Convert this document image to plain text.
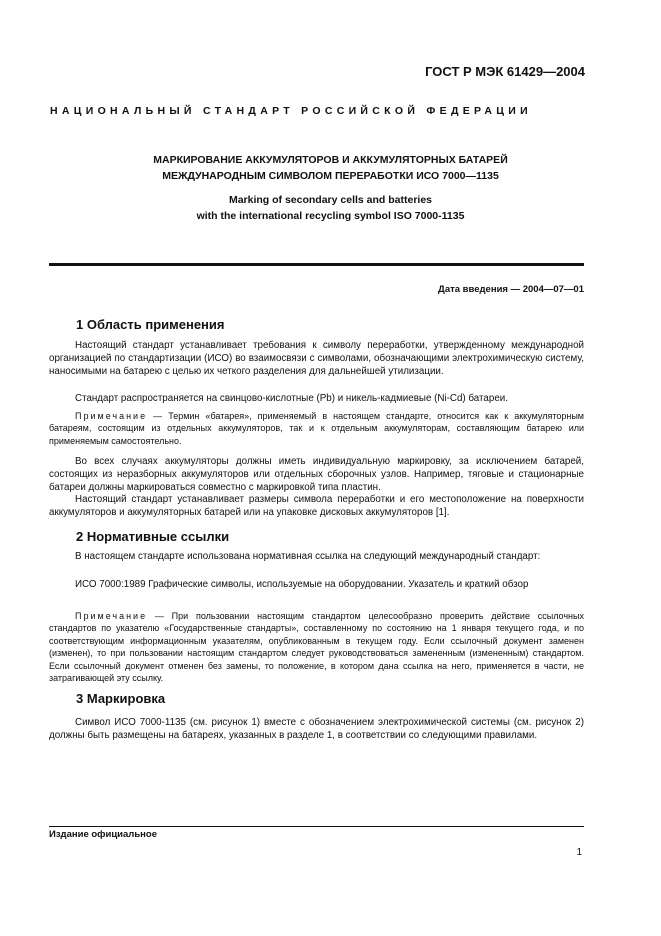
ГОСТ Р МЭК 61429—2004
НАЦИОНАЛЬНЫЙ СТАНДАРТ РОССИЙСКОЙ ФЕДЕРАЦИИ
МАРКИРОВАНИЕ АККУМУЛЯТОРОВ И АККУМУЛЯТОРНЫХ БАТАРЕЙ
МЕЖДУНАРОДНЫМ СИМВОЛОМ ПЕРЕРАБОТКИ ИСО 7000—1135
Marking of secondary cells and batteries
with the international recycling symbol ISO 7000-1135
Дата введения — 2004—07—01
1 Область применения
Настоящий стандарт устанавливает требования к символу переработки, утвержденному международной организацией по стандартизации (ИСО) во взаимосвязи с символами, обозначающими электрохимическую систему, наносимыми на батарею с целью их четкого разделения для дальнейшей утилизации.
Стандарт распространяется на свинцово-кислотные (Pb) и никель-кадмиевые (Ni-Cd) батареи.
Примечание — Термин «батарея», применяемый в настоящем стандарте, относится как к аккумуляторным батареям, состоящим из отдельных аккумуляторов, так и к отдельным аккумуляторам, составляющим батарею или применяемым самостоятельно.
Во всех случаях аккумуляторы должны иметь индивидуальную маркировку, за исключением батарей, состоящих из неразборных аккумуляторов или отдельных сборочных узлов. Например, тяговые и стационарные батареи должны маркироваться совместно с маркировкой типа пластин.
Настоящий стандарт устанавливает размеры символа переработки и его местоположение на поверхности аккумуляторов и аккумуляторных батарей или на упаковке дисковых аккумуляторов [1].
2 Нормативные ссылки
В настоящем стандарте использована нормативная ссылка на следующий международный стандарт:
ИСО 7000:1989 Графические символы, используемые на оборудовании. Указатель и краткий обзор
Примечание — При пользовании настоящим стандартом целесообразно проверить действие ссылочных стандартов по указателю «Государственные стандарты», составленному по состоянию на 1 января текущего года, и по соответствующим информационным указателям, опубликованным в текущем году. Если ссылочный документ заменен (изменен), то при пользовании настоящим стандартом следует руководствоваться замененным (измененным) стандартом. Если ссылочный документ отменен без замены, то положение, в котором дана ссылка на него, применяется в части, не затрагивающей эту ссылку.
3 Маркировка
Символ ИСО 7000-1135 (см. рисунок 1) вместе с обозначением электрохимической системы (см. рисунок 2) должны быть размещены на батареях, указанных в разделе 1, в соответствии со следующими правилами.
Издание официальное
1
